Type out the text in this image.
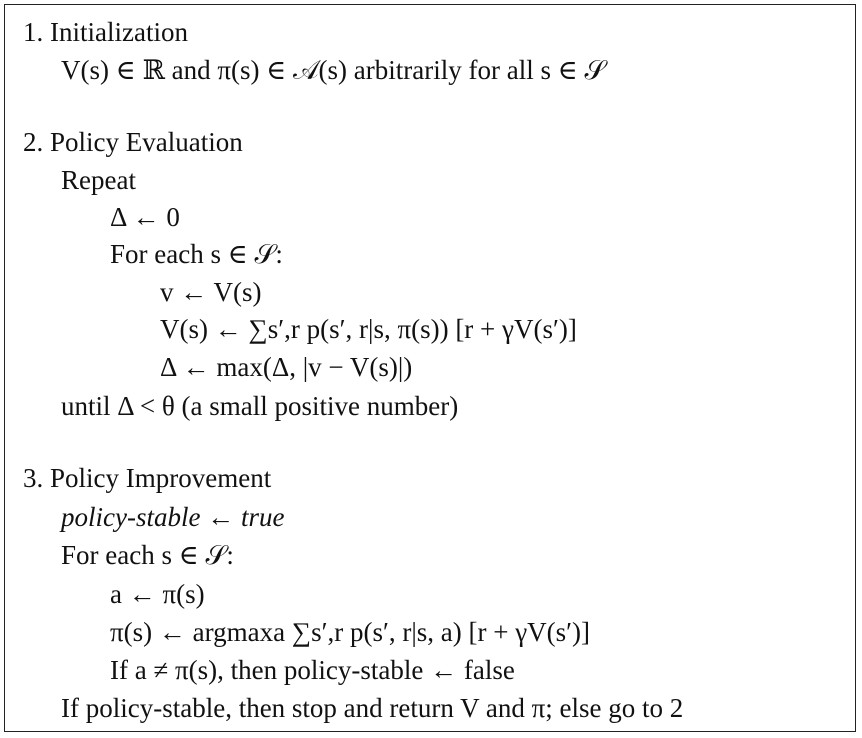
1. Initialization
V(s) ∈ ℝ and π(s) ∈ 𝒜(s) arbitrarily for all s ∈ 𝒮
2. Policy Evaluation
Repeat
Δ ← 0
For each s ∈ 𝒮:
v ← V(s)
V(s) ← ∑s′,r p(s′, r|s, π(s)) [r + γV(s′)]
Δ ← max(Δ, |v − V(s)|)
until Δ < θ (a small positive number)
3. Policy Improvement
policy-stable ← true
For each s ∈ 𝒮:
a ← π(s)
π(s) ← argmaxa ∑s′,r p(s′, r|s, a) [r + γV(s′)]
If a ≠ π(s), then policy-stable ← false
If policy-stable, then stop and return V and π; else go to 2
